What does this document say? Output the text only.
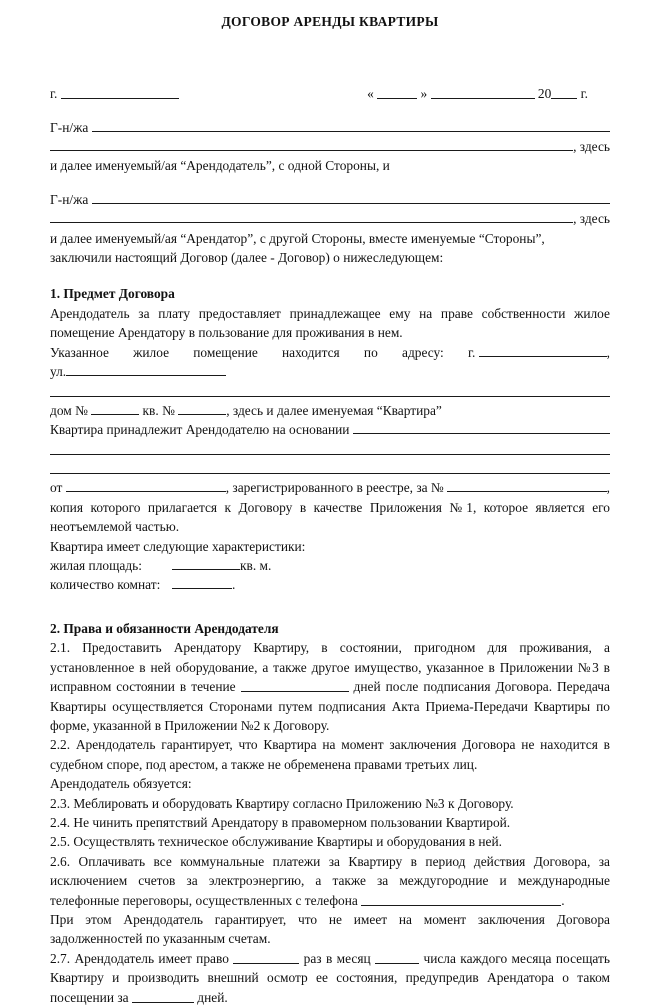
ДОГОВОР АРЕНДЫ КВАРТИРЫ
г.	«	»	20 г.
Г-н/жа
, здесь
и далее именуемый/ая “Арендодатель”, с одной Стороны, и
Г-н/жа
, здесь
и далее именуемый/ая “Арендатор”, с другой Стороны, вместе именуемые “Стороны”,
заключили настоящий Договор (далее - Договор) о нижеследующем:
1. Предмет Договора
Арендодатель за плату предоставляет принадлежащее ему на праве собственности жилое помещение Арендатору в пользование для проживания в нем.
Указанное жилое помещение находится по адресу: г.	,
ул.
дом №	кв. №	, здесь и далее именуемая “Квартира”
Квартира принадлежит Арендодателю на основании
от	, зарегистрированного в реестре, за №	,
копия которого прилагается к Договору в качестве Приложения №1, которое является его неотъемлемой частью.
Квартира имеет следующие характеристики:
жилая площадь:	кв. м.
количество комнат:	.
2. Права и обязанности Арендодателя
2.1. Предоставить Арендатору Квартиру, в состоянии, пригодном для проживания, а установленное в ней оборудование, а также другое имущество, указанное в Приложении №3 в исправном состоянии в течение	дней после подписания Договора. Передача Квартиры осуществляется Сторонами путем подписания Акта Приема-Передачи Квартиры по форме, указанной в Приложении №2 к Договору.
2.2. Арендодатель гарантирует, что Квартира на момент заключения Договора не находится в судебном споре, под арестом, а также не обременена правами третьих лиц.
Арендодатель обязуется:
2.3. Меблировать и оборудовать Квартиру согласно Приложению №3 к Договору.
2.4. Не чинить препятствий Арендатору в правомерном пользовании Квартирой.
2.5. Осуществлять техническое обслуживание Квартиры и оборудования в ней.
2.6. Оплачивать все коммунальные платежи за Квартиру в период действия Договора, за исключением счетов за электроэнергию, а также за междугородние и международные телефонные переговоры, осуществленных с телефона	.
При этом Арендодатель гарантирует, что не имеет на момент заключения Договора задолженностей по указанным счетам.
2.7. Арендодатель имеет право	раз в месяц	числа каждого месяца посещать Квартиру и производить внешний осмотр ее состояния, предупредив Арендатора о таком посещении за	дней.
